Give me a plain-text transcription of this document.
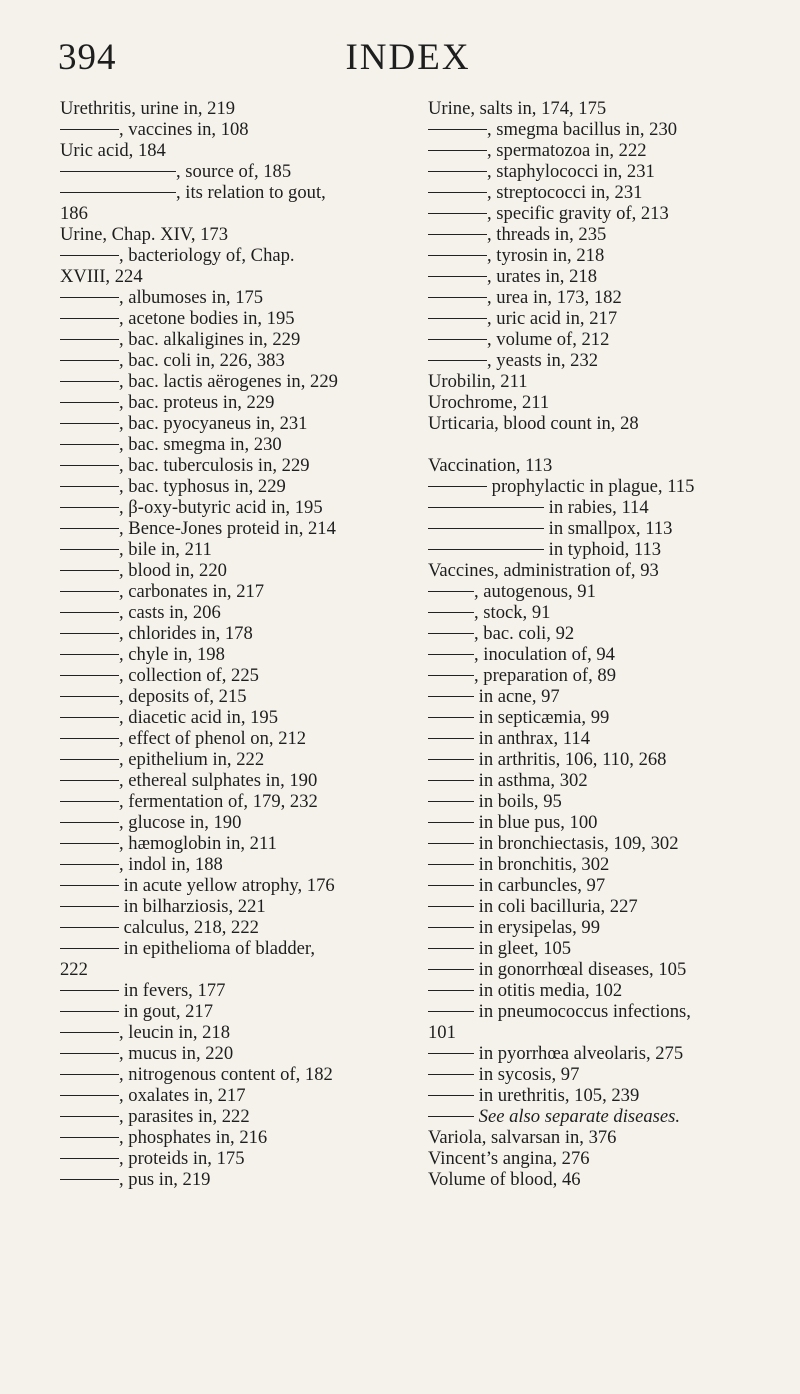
394	INDEX
Urethritis, urine in, 219
, vaccines in, 108
Uric acid, 184
, source of, 185
, its relation to gout,
186
Urine, Chap. XIV, 173
, bacteriology of, Chap.
XVIII, 224
, albumoses in, 175
, acetone bodies in, 195
, bac. alkaligines in, 229
, bac. coli in, 226, 383
, bac. lactis aërogenes in, 229
, bac. proteus in, 229
, bac. pyocyaneus in, 231
, bac. smegma in, 230
, bac. tuberculosis in, 229
, bac. typhosus in, 229
, β-oxy-butyric acid in, 195
, Bence-Jones proteid in, 214
, bile in, 211
, blood in, 220
, carbonates in, 217
, casts in, 206
, chlorides in, 178
, chyle in, 198
, collection of, 225
, deposits of, 215
, diacetic acid in, 195
, effect of phenol on, 212
, epithelium in, 222
, ethereal sulphates in, 190
, fermentation of, 179, 232
, glucose in, 190
, hæmoglobin in, 211
, indol in, 188
in acute yellow atrophy, 176
in bilharziosis, 221
calculus, 218, 222
in epithelioma of bladder,
222
in fevers, 177
in gout, 217
, leucin in, 218
, mucus in, 220
, nitrogenous content of, 182
, oxalates in, 217
, parasites in, 222
, phosphates in, 216
, proteids in, 175
, pus in, 219
Urine, salts in, 174, 175
, smegma bacillus in, 230
, spermatozoa in, 222
, staphylococci in, 231
, streptococci in, 231
, specific gravity of, 213
, threads in, 235
, tyrosin in, 218
, urates in, 218
, urea in, 173, 182
, uric acid in, 217
, volume of, 212
, yeasts in, 232
Urobilin, 211
Urochrome, 211
Urticaria, blood count in, 28
Vaccination, 113
prophylactic in plague, 115
in rabies, 114
in smallpox, 113
in typhoid, 113
Vaccines, administration of, 93
, autogenous, 91
, stock, 91
, bac. coli, 92
, inoculation of, 94
, preparation of, 89
in acne, 97
in septicæmia, 99
in anthrax, 114
in arthritis, 106, 110, 268
in asthma, 302
in boils, 95
in blue pus, 100
in bronchiectasis, 109, 302
in bronchitis, 302
in carbuncles, 97
in coli bacilluria, 227
in erysipelas, 99
in gleet, 105
in gonorrhœal diseases, 105
in otitis media, 102
in pneumococcus infections,
101
in pyorrhœa alveolaris, 275
in sycosis, 97
in urethritis, 105, 239
See also separate diseases.
Variola, salvarsan in, 376
Vincent’s angina, 276
Volume of blood, 46
